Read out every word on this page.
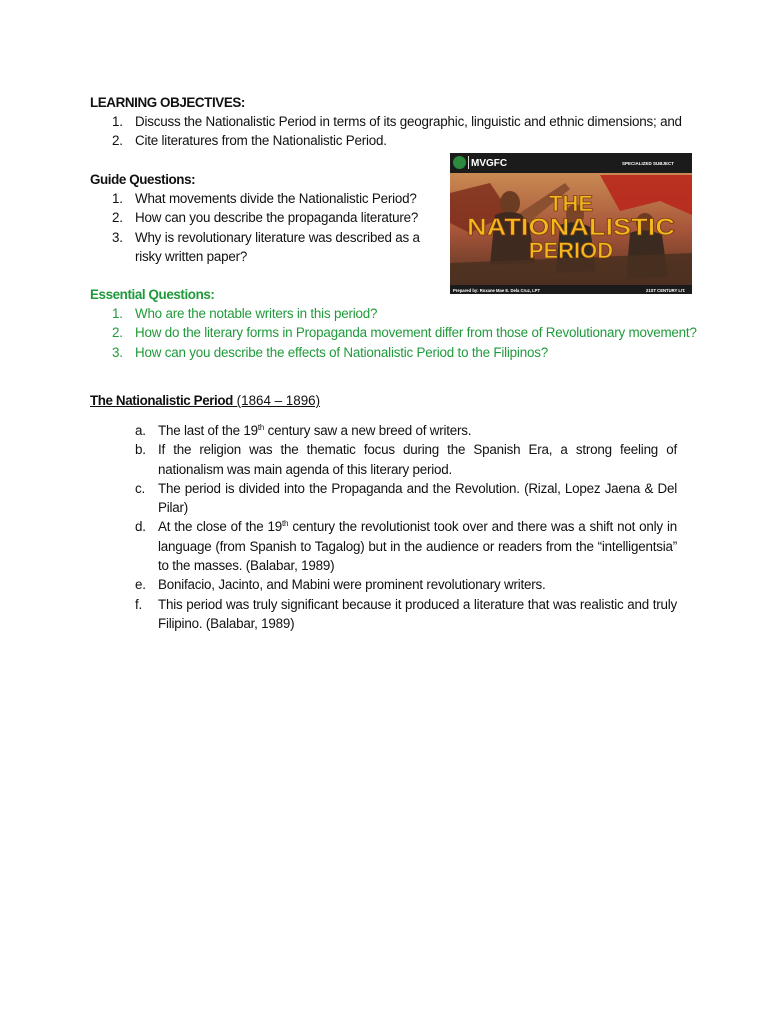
LEARNING OBJECTIVES:
1. Discuss the Nationalistic Period in terms of its geographic, linguistic and ethnic dimensions; and
2. Cite literatures from the Nationalistic Period.
Guide Questions:
1. What movements divide the Nationalistic Period?
2. How can you describe the propaganda literature?
3. Why is revolutionary literature was described as a risky written paper?
MVGFC	SPECIALIZED SUBJECT
THE
NATIONALISTIC
PERIOD
Prepared by: Roxane Mae E. Dela Cruz, LPT	21ST CENTURY LIT.
Essential Questions:
1. Who are the notable writers in this period?
2. How do the literary forms in Propaganda movement differ from those of Revolutionary movement?
3. How can you describe the effects of Nationalistic Period to the Filipinos?
The Nationalistic Period (1864 – 1896)
a. The last of the 19th century saw a new breed of writers.
b. If the religion was the thematic focus during the Spanish Era, a strong feeling of nationalism was main agenda of this literary period.
c. The period is divided into the Propaganda and the Revolution. (Rizal, Lopez Jaena & Del Pilar)
d. At the close of the 19th century the revolutionist took over and there was a shift not only in language (from Spanish to Tagalog) but in the audience or readers from the “intelligentsia” to the masses. (Balabar, 1989)
e. Bonifacio, Jacinto, and Mabini were prominent revolutionary writers.
f. This period was truly significant because it produced a literature that was realistic and truly Filipino. (Balabar, 1989)
